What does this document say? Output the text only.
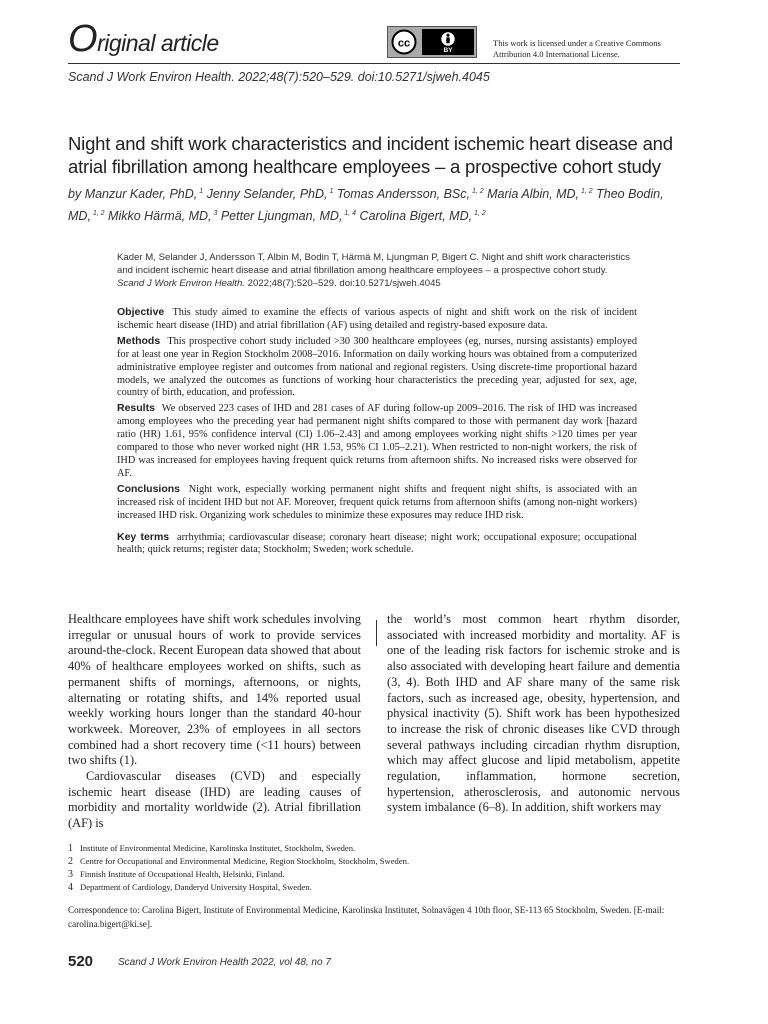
Original article	cc
BY
This work is licensed under a Creative Commons Attribution 4.0 International License.
Scand J Work Environ Health. 2022;48(7):520–529. doi:10.5271/sjweh.4045
Night and shift work characteristics and incident ischemic heart disease and atrial fibrillation among healthcare employees – a prospective cohort study
by Manzur Kader, PhD, $^1$ Jenny Selander, PhD, $^1$ Tomas Andersson, BSc, $^{1, 2}$ Maria Albin, MD, $^{1, 2}$ Theo Bodin, MD, $^{1, 2}$ Mikko Härmä, MD, $^3$ Petter Ljungman, MD, $^{1, 4}$ Carolina Bigert, MD, $^{1, 2}$
Kader M, Selander J, Andersson T, Albin M, Bodin T, Härmä M, Ljungman P, Bigert C. Night and shift work characteristics and incident ischemic heart disease and atrial fibrillation among healthcare employees – a prospective cohort study. Scand J Work Environ Health. 2022;48(7):520–529. doi:10.5271/sjweh.4045

Objective This study aimed to examine the effects of various aspects of night and shift work on the risk of incident ischemic heart disease (IHD) and atrial fibrillation (AF) using detailed and registry-based exposure data.

Methods This prospective cohort study included >30 300 healthcare employees (eg, nurses, nursing assistants) employed for at least one year in Region Stockholm 2008–2016. Information on daily working hours was obtained from a computerized administrative employee register and outcomes from national and regional registers. Using discrete-time proportional hazard models, we analyzed the outcomes as functions of working hour characteristics the preceding year, adjusted for sex, age, country of birth, education, and profession.

Results We observed 223 cases of IHD and 281 cases of AF during follow-up 2009–2016. The risk of IHD was increased among employees who the preceding year had permanent night shifts compared to those with permanent day work [hazard ratio (HR) 1.61, 95% confidence interval (CI) 1.06–2.43] and among employees working night shifts >120 times per year compared to those who never worked night (HR 1.53, 95% CI 1.05–2.21). When restricted to non-night workers, the risk of IHD was increased for employees having frequent quick returns from afternoon shifts. No increased risks were observed for AF.

Conclusions Night work, especially working permanent night shifts and frequent night shifts, is associated with an increased risk of incident IHD but not AF. Moreover, frequent quick returns from afternoon shifts (among non-night workers) increased IHD risk. Organizing work schedules to minimize these exposures may reduce IHD risk.

Key terms arrhythmia; cardiovascular disease; coronary heart disease; night work; occupational exposure; occupational health; quick returns; register data; Stockholm; Sweden; work schedule.

Healthcare employees have shift work schedules involving irregular or unusual hours of work to provide services around-the-clock. Recent European data showed that about 40% of healthcare employees worked on shifts, such as permanent shifts of mornings, afternoons, or nights, alternating or rotating shifts, and 14% reported usual weekly working hours longer than the standard 40-hour workweek. Moreover, 23% of employees in all sectors combined had a short recovery time (<11 hours) between two shifts (1).

Cardiovascular diseases (CVD) and especially ischemic heart disease (IHD) are leading causes of morbidity and mortality worldwide (2). Atrial fibrillation (AF) is

the world’s most common heart rhythm disorder, associated with increased morbidity and mortality. AF is one of the leading risk factors for ischemic stroke and is also associated with developing heart failure and dementia (3, 4). Both IHD and AF share many of the same risk factors, such as increased age, obesity, hypertension, and physical inactivity (5). Shift work has been hypothesized to increase the risk of chronic diseases like CVD through several pathways including circadian rhythm disruption, which may affect glucose and lipid metabolism, appetite regulation, inflammation, hormone secretion, hypertension, atherosclerosis, and autonomic nervous system imbalance (6–8). In addition, shift workers may

1 Institute of Environmental Medicine, Karolinska Institutet, Stockholm, Sweden.
2 Centre for Occupational and Environmental Medicine, Region Stockholm, Stockholm, Sweden.
3 Finnish Institute of Occupational Health, Helsinki, Finland.
4 Department of Cardiology, Danderyd University Hospital, Sweden.
Correspondence to: Carolina Bigert, Institute of Environmental Medicine, Karolinska Institutet, Solnavägen 4 10th floor, SE-113 65 Stockholm, Sweden. [E-mail: carolina.bigert@ki.se].
520 Scand J Work Environ Health 2022, vol 48, no 7
